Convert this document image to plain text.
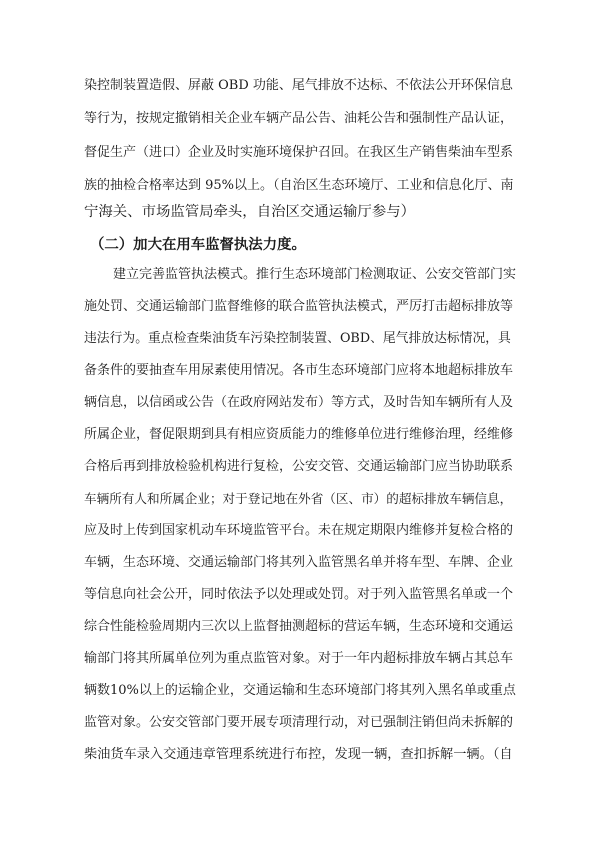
染控制装置造假、屏蔽 OBD 功能、尾气排放不达标、不依法公开环保信息
等行为，按规定撤销相关企业车辆产品公告、油耗公告和强制性产品认证，
督促生产（进口）企业及时实施环境保护召回。在我区生产销售柴油车型系
族的抽检合格率达到 95%以上。（自治区生态环境厅、工业和信息化厅、南
宁海关、市场监管局牵头，自治区交通运输厅参与）
（二）加大在用车监督执法力度。
建立完善监管执法模式。推行生态环境部门检测取证、公安交管部门实
施处罚、交通运输部门监督维修的联合监管执法模式，严厉打击超标排放等
违法行为。重点检查柴油货车污染控制装置、OBD、尾气排放达标情况，具
备条件的要抽查车用尿素使用情况。各市生态环境部门应将本地超标排放车
辆信息，以信函或公告（在政府网站发布）等方式，及时告知车辆所有人及
所属企业，督促限期到具有相应资质能力的维修单位进行维修治理，经维修
合格后再到排放检验机构进行复检，公安交管、交通运输部门应当协助联系
车辆所有人和所属企业；对于登记地在外省（区、市）的超标排放车辆信息，
应及时上传到国家机动车环境监管平台。未在规定期限内维修并复检合格的
车辆，生态环境、交通运输部门将其列入监管黑名单并将车型、车牌、企业
等信息向社会公开，同时依法予以处理或处罚。对于列入监管黑名单或一个
综合性能检验周期内三次以上监督抽测超标的营运车辆，生态环境和交通运
输部门将其所属单位列为重点监管对象。对于一年内超标排放车辆占其总车
辆数10%以上的运输企业，交通运输和生态环境部门将其列入黑名单或重点
监管对象。公安交管部门要开展专项清理行动，对已强制注销但尚未拆解的
柴油货车录入交通违章管理系统进行布控，发现一辆，查扣拆解一辆。（自
